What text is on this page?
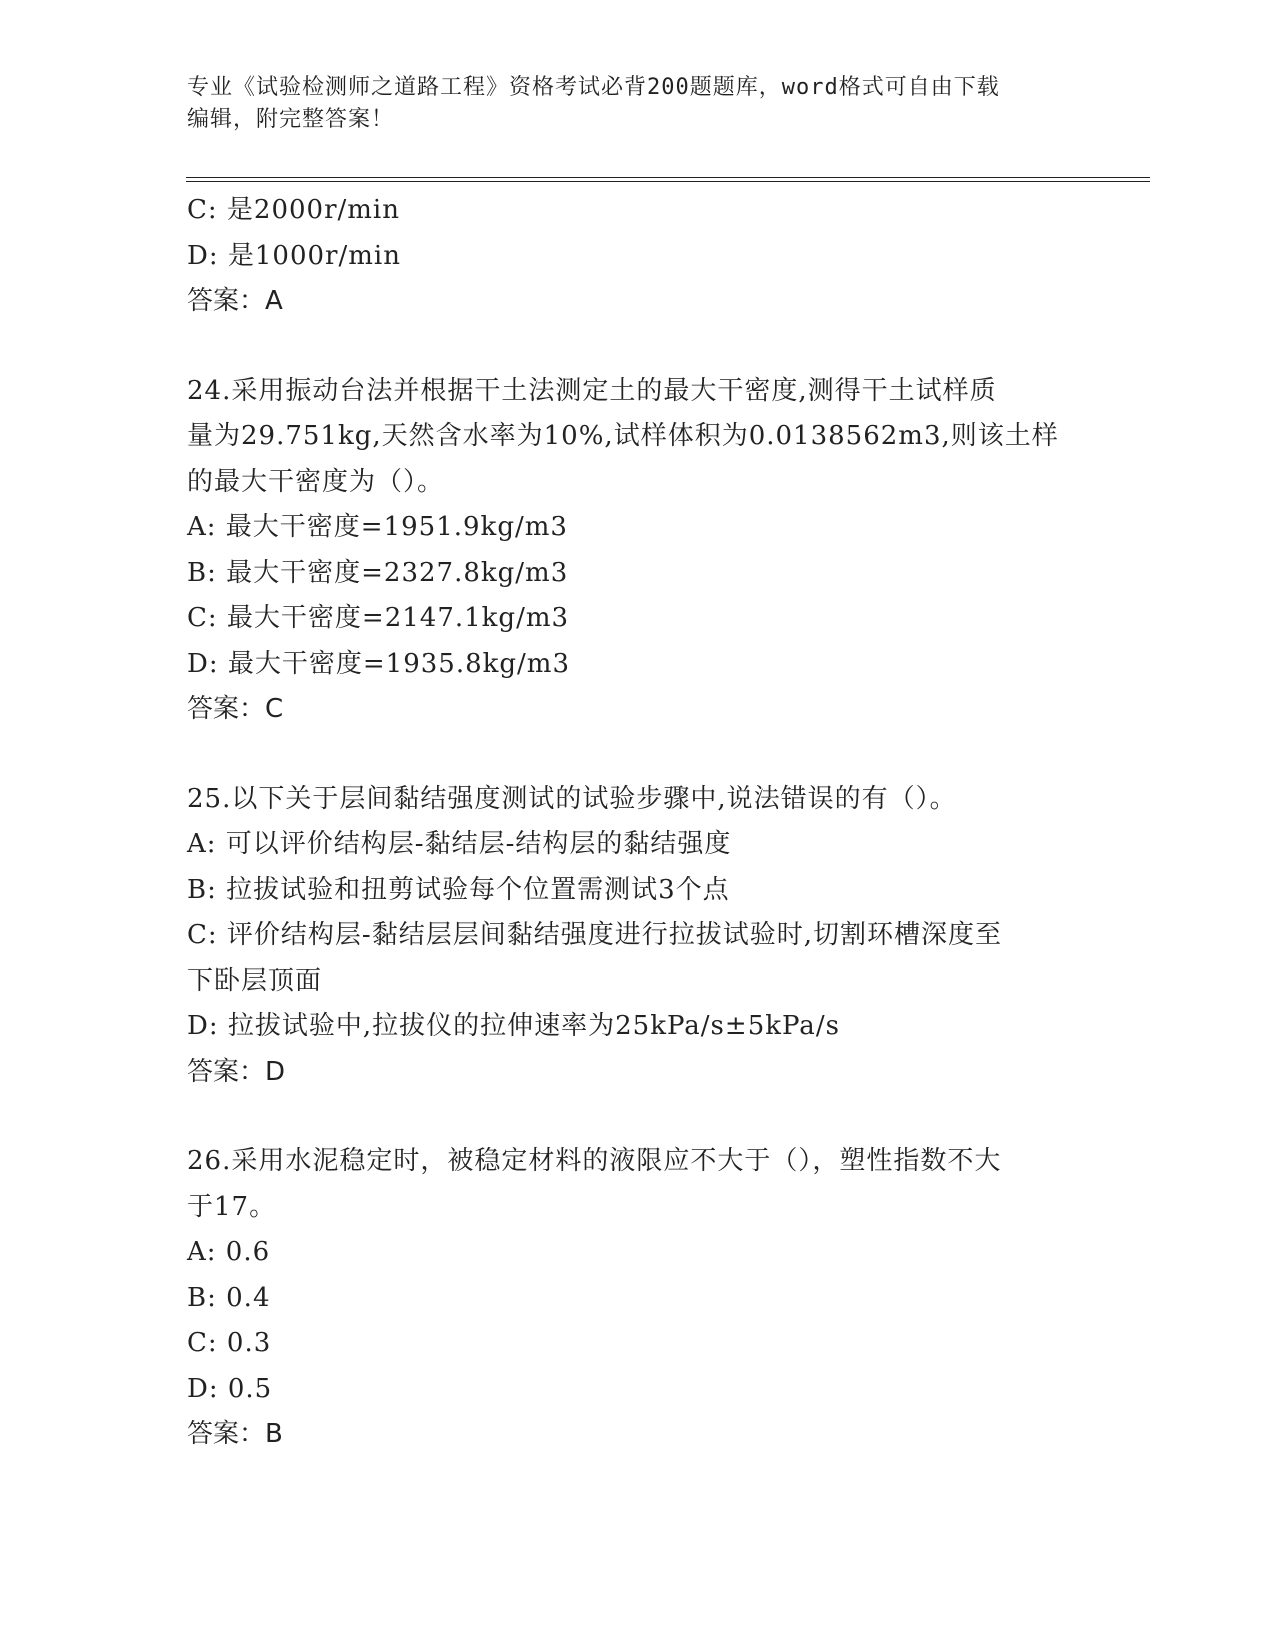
专业《试验检测师之道路工程》资格考试必背200题题库，word格式可自由下载
编辑，附完整答案！
C: 是2000r/min
D: 是1000r/min
答案：A
24.采用振动台法并根据干土法测定土的最大干密度,测得干土试样质
量为29.751kg,天然含水率为10%,试样体积为0.0138562m3,则该土样
的最大干密度为（）。
A: 最大干密度=1951.9kg/m3
B: 最大干密度=2327.8kg/m3
C: 最大干密度=2147.1kg/m3
D: 最大干密度=1935.8kg/m3
答案：C
25.以下关于层间黏结强度测试的试验步骤中,说法错误的有（）。
A: 可以评价结构层-黏结层-结构层的黏结强度
B: 拉拔试验和扭剪试验每个位置需测试3个点
C: 评价结构层-黏结层层间黏结强度进行拉拔试验时,切割环槽深度至
下卧层顶面
D: 拉拔试验中,拉拔仪的拉伸速率为25kPa/s±5kPa/s
答案：D
26.采用水泥稳定时，被稳定材料的液限应不大于（），塑性指数不大
于17。
A: 0.6
B: 0.4
C: 0.3
D: 0.5
答案：B
